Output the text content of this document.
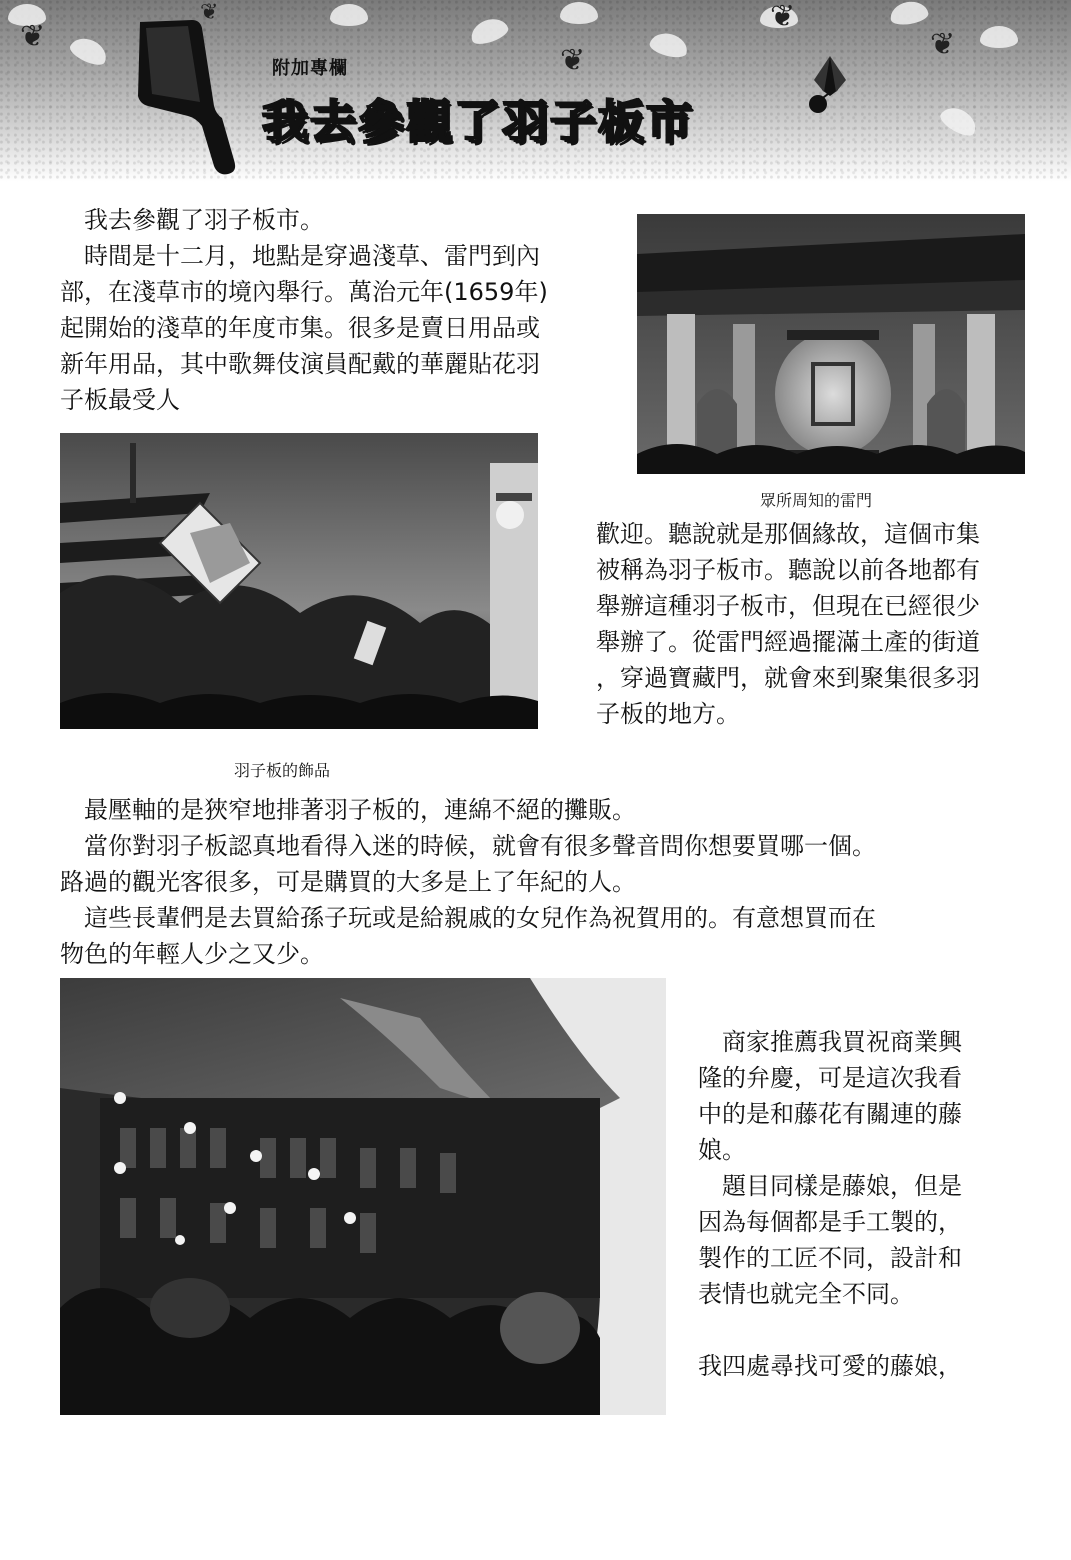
❦
❦
❦
❦
❦
附加專欄
我去參觀了羽子板市

　我去參觀了羽子板市。

　時間是十二月，地點是穿過淺草、雷門到內
部，在淺草市的境內舉行。萬治元年(1659年)
起開始的淺草的年度市集。很多是賣日用品或
新年用品，其中歌舞伎演員配戴的華麗貼花羽
子板最受人

眾所周知的雷門
羽子板的飾品

歡迎。聽說就是那個緣故，這個市集
被稱為羽子板市。聽說以前各地都有
舉辦這種羽子板市，但現在已經很少
舉辦了。從雷門經過擺滿土產的街道
，穿過寶藏門，就會來到聚集很多羽
子板的地方。

　最壓軸的是狹窄地排著羽子板的，連綿不絕的攤販。
　當你對羽子板認真地看得入迷的時候，就會有很多聲音問你想要買哪一個。
路過的觀光客很多，可是購買的大多是上了年紀的人。
　這些長輩們是去買給孫子玩或是給親戚的女兒作為祝賀用的。有意想買而在
物色的年輕人少之又少。

　商家推薦我買祝商業興
隆的弁慶，可是這次我看
中的是和藤花有關連的藤
娘。
　題目同樣是藤娘，但是
因為每個都是手工製的，
製作的工匠不同，設計和
表情也就完全不同。

我四處尋找可愛的藤娘，
